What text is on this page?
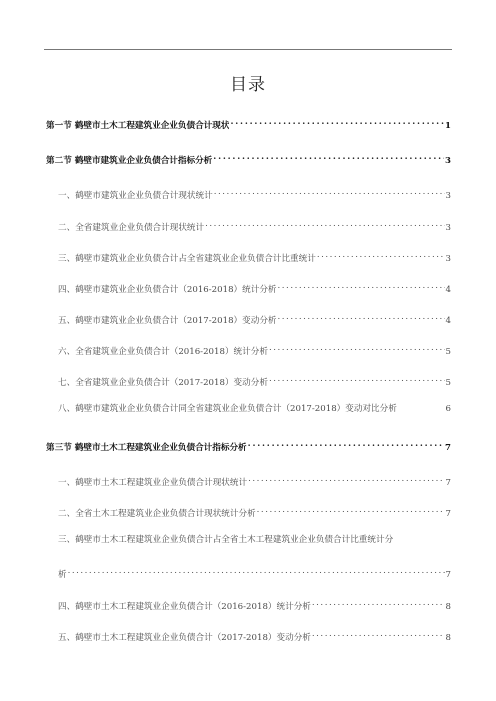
目录
第一节 鹤壁市土木工程建筑业企业负债合计现状 . . .	1
第二节 鹤壁市建筑业企业负债合计指标分析 . . .	3
一、鹤壁市建筑业企业负债合计现状统计 . . .	3
二、全省建筑业企业负债合计现状统计 . . .	3
三、鹤壁市建筑业企业负债合计占全省建筑业企业负债合计比重统计 . . .	3
四、鹤壁市建筑业企业负债合计（2016-2018）统计分析 . . .	4
五、鹤壁市建筑业企业负债合计（2017-2018）变动分析 . . .	4
六、全省建筑业企业负债合计（2016-2018）统计分析 . . .	5
七、全省建筑业企业负债合计（2017-2018）变动分析 . . .	5
八、鹤壁市建筑业企业负债合计同全省建筑业企业负债合计（2017-2018）变动对比分析	6
第三节 鹤壁市土木工程建筑业企业负债合计指标分析 . . .	7
一、鹤壁市土木工程建筑业企业负债合计现状统计 . . .	7
二、全省土木工程建筑业企业负债合计现状统计分析 . . .	7
三、鹤壁市土木工程建筑业企业负债合计占全省土木工程建筑业企业负债合计比重统计分
析 . . .	7
四、鹤壁市土木工程建筑业企业负债合计（2016-2018）统计分析 . . .	8
五、鹤壁市土木工程建筑业企业负债合计（2017-2018）变动分析 . . .	8
